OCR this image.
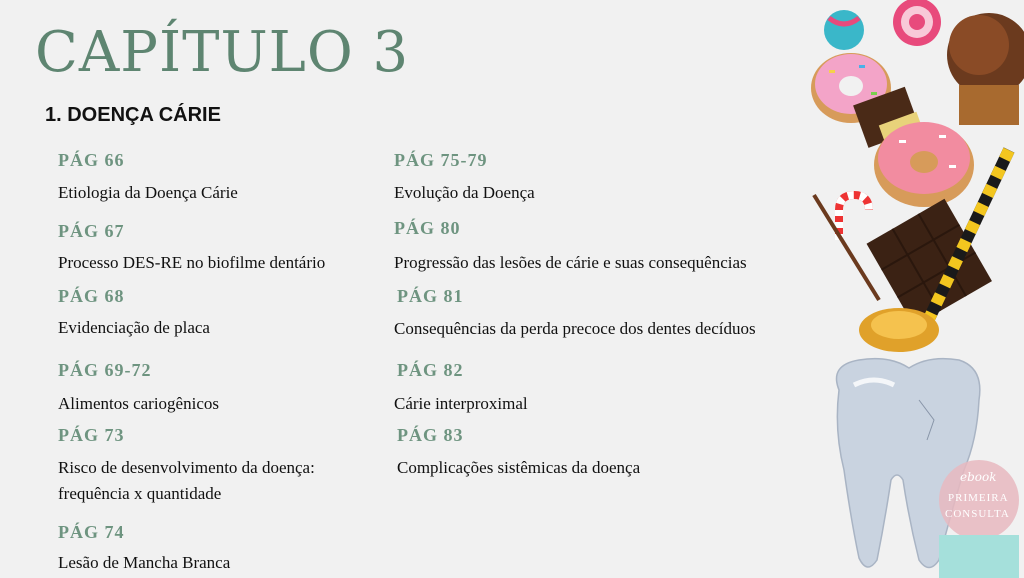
CAPÍTULO 3
1. DOENÇA CÁRIE
PÁG 66
Etiologia da Doença Cárie
PÁG 67
Processo DES-RE no biofilme dentário
PÁG 68
Evidenciação de placa
PÁG 69-72
Alimentos cariogênicos
PÁG 73
Risco de desenvolvimento da doença: frequência x quantidade
PÁG 74
Lesão de Mancha Branca
PÁG 75-79
Evolução da Doença
PÁG 80
Progressão das lesões de cárie e suas consequências
PÁG 81
Consequências da perda precoce dos dentes decíduos
PÁG 82
Cárie interproximal
PÁG 83
Complicações sistêmicas da doença	ebook
PRIMEIRA
CONSULTA
